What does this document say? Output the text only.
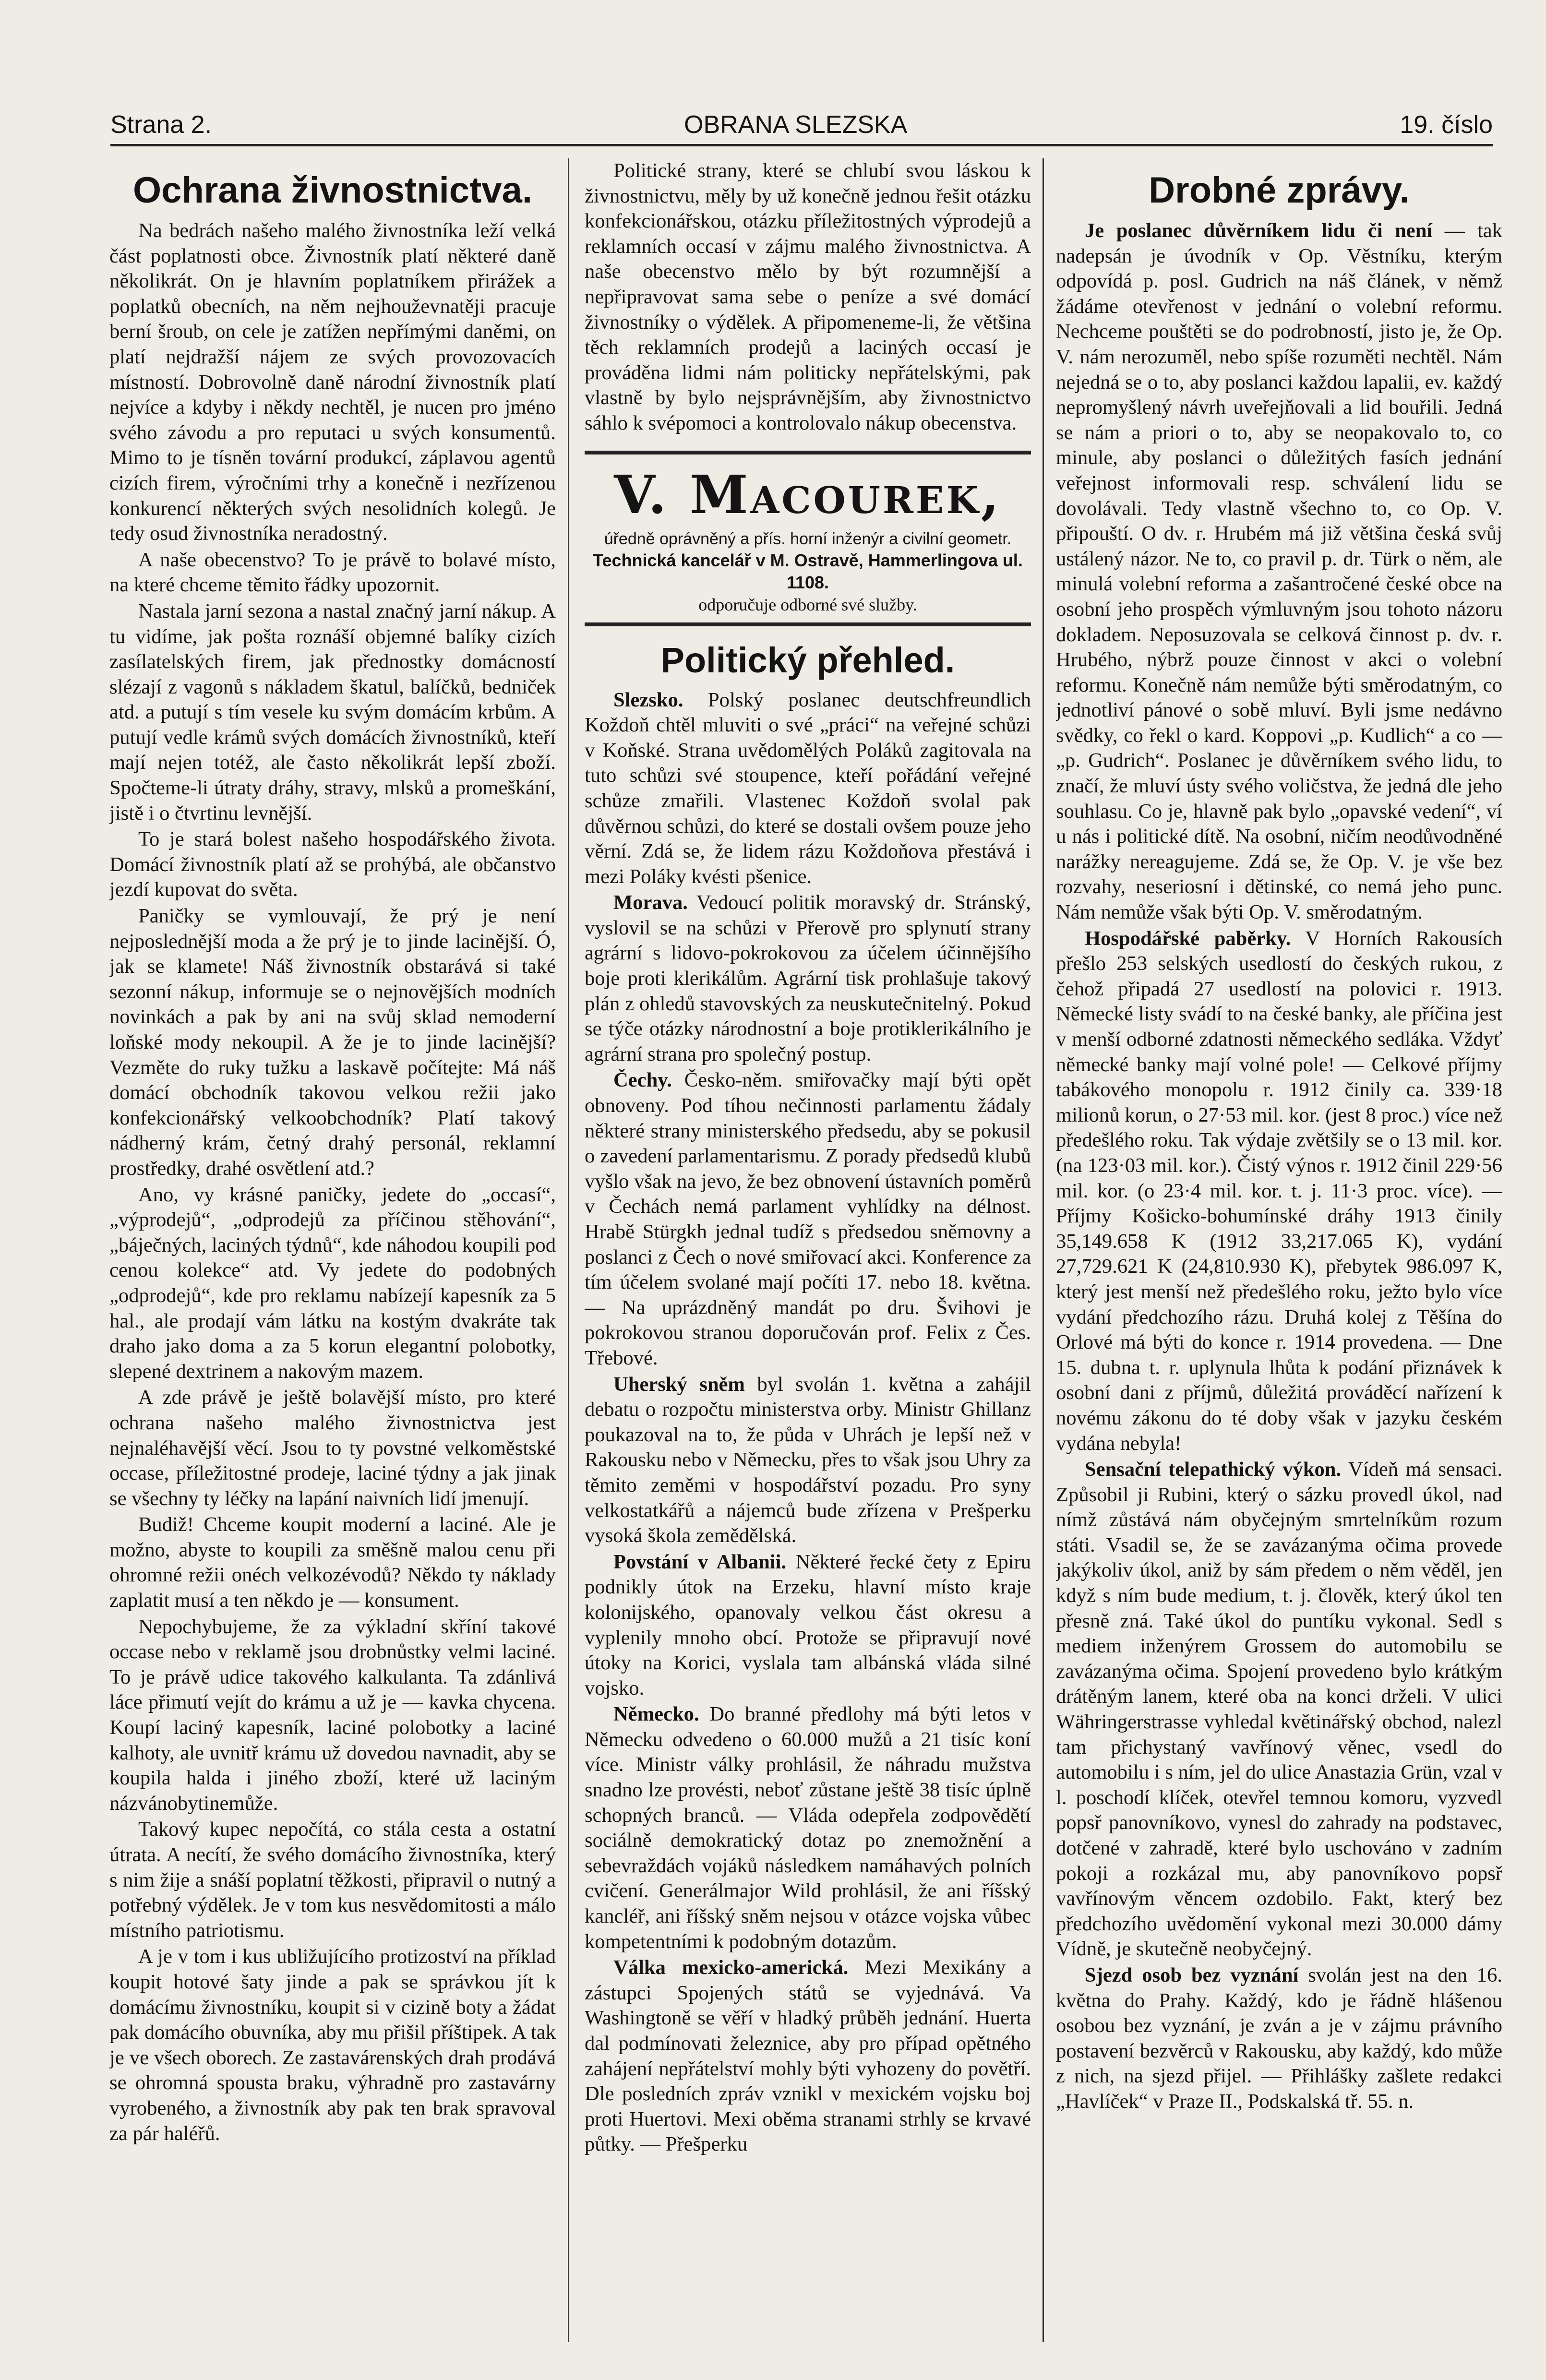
Strana 2.	OBRANA SLEZSKA	19. číslo
Ochrana živnostnictva.

Na bedrách našeho malého živnostníka leží velká část poplatnosti obce. Živnostník platí některé daně několikrát. On je hlavním poplatníkem přirážek a poplatků obecních, na něm nejhouževnatěji pracuje berní šroub, on cele je zatížen nepřímými daněmi, on platí nejdražší nájem ze svých provozovacích místností. Dobrovolně daně národní živnostník platí nejvíce a kdyby i někdy nechtěl, je nucen pro jméno svého závodu a pro reputaci u svých konsumentů. Mimo to je tísněn tovární produkcí, záplavou agentů cizích firem, výročními trhy a konečně i nezřízenou konkurencí některých svých nesolidních kolegů. Je tedy osud živnostníka neradostný.

A naše obecenstvo? To je právě to bolavé místo, na které chceme těmito řádky upozornit.

Nastala jarní sezona a nastal značný jarní nákup. A tu vidíme, jak pošta roznáší objemné balíky cizích zasílatelských firem, jak přednostky domácností slézají z vagonů s nákladem škatul, balíčků, bedniček atd. a putují s tím vesele ku svým domácím krbům. A putují vedle krámů svých domácích živnostníků, kteří mají nejen totéž, ale často několikrát lepší zboží. Spočteme-li útraty dráhy, stravy, mlsků a promeškání, jistě i o čtvrtinu levnější.

To je stará bolest našeho hospodářského života. Domácí živnostník platí až se prohýbá, ale občanstvo jezdí kupovat do světa.

Paničky se vymlouvají, že prý je není nejposlednější moda a že prý je to jinde lacinější. Ó, jak se klamete! Náš živnostník obstarává si také sezonní nákup, informuje se o nejnovějších modních novinkách a pak by ani na svůj sklad nemoderní loňské mody nekoupil. A že je to jinde lacinější? Vezměte do ruky tužku a laskavě počítejte: Má náš domácí obchodník takovou velkou režii jako konfekcionářský velkoobchodník? Platí takový nádherný krám, četný drahý personál, reklamní prostředky, drahé osvětlení atd.?

Ano, vy krásné paničky, jedete do „occasí“, „výprodejů“, „odprodejů za příčinou stěhování“, „báječných, laciných týdnů“, kde náhodou koupili pod cenou kolekce“ atd. Vy jedete do podobných „odprodejů“, kde pro reklamu nabízejí kapesník za 5 hal., ale prodají vám látku na kostým dvakráte tak draho jako doma a za 5 korun elegantní polobotky, slepené dextrinem a nakovým mazem.

A zde právě je ještě bolavější místo, pro které ochrana našeho malého živnostnictva jest nejnaléhavější věcí. Jsou to ty povstné velkoměstské occase, příležitostné prodeje, laciné týdny a jak jinak se všechny ty léčky na lapání naivních lidí jmenují.

Budiž! Chceme koupit moderní a laciné. Ale je možno, abyste to koupili za směšně malou cenu při ohromné režii onéch velkozévodů? Někdo ty náklady zaplatit musí a ten někdo je — konsument.

Nepochybujeme, že za výkladní skříní takové occase nebo v reklamě jsou drobnůstky velmi laciné. To je právě udice takového kalkulanta. Ta zdánlivá láce přimutí vejít do krámu a už je — kavka chycena. Koupí laciný kapesník, laciné polobotky a laciné kalhoty, ale uvnitř krámu už dovedou navnadit, aby se koupila halda i jiného zboží, které už laciným názvánobytinemůže.

Takový kupec nepočítá, co stála cesta a ostatní útrata. A necítí, že svého domácího živnostníka, který s nim žije a snáší poplatní těžkosti, připravil o nutný a potřebný výdělek. Je v tom kus nesvědomitosti a málo místního patriotismu.

A je v tom i kus ubližujícího protizoství na příklad koupit hotové šaty jinde a pak se správkou jít k domácímu živnostníku, koupit si v cizině boty a žádat pak domácího obuvníka, aby mu přišil příštipek. A tak je ve všech oborech. Ze zastavárenských drah prodává se ohromná spousta braku, výhradně pro zastavárny vyrobeného, a živnostník aby pak ten brak spravoval za pár haléřů.

Politické strany, které se chlubí svou láskou k živnostnictvu, měly by už konečně jednou řešit otázku konfekcionářskou, otázku příležitostných výprodejů a reklamních occasí v zájmu malého živnostnictva. A naše obecenstvo mělo by být rozumnější a nepřipravovat sama sebe o peníze a své domácí živnostníky o výdělek. A připomeneme-li, že většina těch reklamních prodejů a laciných occasí je prováděna lidmi nám politicky nepřátelskými, pak vlastně by bylo nejsprávnějším, aby živnostnictvo sáhlo k svépomoci a kontrolovalo nákup obecenstva.

V. Macourek,
úředně oprávněný a přís. horní inženýr a civilní geometr.
Technická kancelář v M. Ostravě, Hammerlingova ul. 1108.
odporučuje odborné své služby.
Politický přehled.

Slezsko. Polský poslanec deutschfreundlich Koždoň chtěl mluviti o své „práci“ na veřejné schůzi v Koňské. Strana uvědomělých Poláků zagitovala na tuto schůzi své stoupence, kteří pořádání veřejné schůze zmařili. Vlastenec Koždoň svolal pak důvěrnou schůzi, do které se dostali ovšem pouze jeho věrní. Zdá se, že lidem rázu Koždoňova přestává i mezi Poláky kvésti pšenice.

Morava. Vedoucí politik moravský dr. Stránský, vyslovil se na schůzi v Přerově pro splynutí strany agrární s lidovo-pokrokovou za účelem účinnějšího boje proti klerikálům. Agrární tisk prohlašuje takový plán z ohledů stavovských za neuskutečnitelný. Pokud se týče otázky národnostní a boje protiklerikálního je agrární strana pro společný postup.

Čechy. Česko-něm. smiřovačky mají býti opět obnoveny. Pod tíhou nečinnosti parlamentu žádaly některé strany ministerského předsedu, aby se pokusil o zavedení parlamentarismu. Z porady předsedů klubů vyšlo však na jevo, že bez obnovení ústavních poměrů v Čechách nemá parlament vyhlídky na délnost. Hrabě Stürgkh jednal tudíž s předsedou sněmovny a poslanci z Čech o nové smiřovací akci. Konference za tím účelem svolané mají počíti 17. nebo 18. května. — Na uprázdněný mandát po dru. Švihovi je pokrokovou stranou doporučován prof. Felix z Čes. Třebové.

Uherský sněm byl svolán 1. května a zahájil debatu o rozpočtu ministerstva orby. Ministr Ghillanz poukazoval na to, že půda v Uhrách je lepší než v Rakousku nebo v Německu, přes to však jsou Uhry za těmito zeměmi v hospodářství pozadu. Pro syny velkostatkářů a nájemců bude zřízena v Prešperku vysoká škola zemědělská.

Povstání v Albanii. Některé řecké čety z Epiru podnikly útok na Erzeku, hlavní místo kraje kolonijského, opanovaly velkou část okresu a vyplenily mnoho obcí. Protože se připravují nové útoky na Korici, vyslala tam albánská vláda silné vojsko.

Německo. Do branné předlohy má býti letos v Německu odvedeno o 60.000 mužů a 21 tisíc koní více. Ministr války prohlásil, že náhradu mužstva snadno lze provésti, neboť zůstane ještě 38 tisíc úplně schopných branců. — Vláda odepřela zodpovědětí sociálně demokratický dotaz po znemožnění a sebevraždách vojáků následkem namáhavých polních cvičení. Generálmajor Wild prohlásil, že ani říšský kancléř, ani říšský sněm nejsou v otázce vojska vůbec kompetentními k podobným dotazům.

Válka mexicko-americká. Mezi Mexikány a zástupci Spojených států se vyjednává. Va Washingtoně se věří v hladký průběh jednání. Huerta dal podmínovati železnice, aby pro případ opětného zahájení nepřátelství mohly býti vyhozeny do povětří. Dle posledních zpráv vznikl v mexickém vojsku boj proti Huertovi. Mexi oběma stranami strhly se krvavé půtky. — Přešperku

Drobné zprávy.

Je poslanec důvěrníkem lidu či není — tak nadepsán je úvodník v Op. Věstníku, kterým odpovídá p. posl. Gudrich na náš článek, v němž žádáme otevřenost v jednání o volební reformu. Nechceme pouštěti se do podrobností, jisto je, že Op. V. nám nerozuměl, nebo spíše rozuměti nechtěl. Nám nejedná se o to, aby poslanci každou lapalii, ev. každý nepromyšlený návrh uveřejňovali a lid bouřili. Jedná se nám a priori o to, aby se neopakovalo to, co minule, aby poslanci o důležitých fasích jednání veřejnost informovali resp. schválení lidu se dovolávali. Tedy vlastně všechno to, co Op. V. připouští. O dv. r. Hrubém má již většina česká svůj ustálený názor. Ne to, co pravil p. dr. Türk o něm, ale minulá volební reforma a zašantročené české obce na osobní jeho prospěch výmluvným jsou tohoto názoru dokladem. Neposuzovala se celková činnost p. dv. r. Hrubého, nýbrž pouze činnost v akci o volební reformu. Konečně nám nemůže býti směrodatným, co jednotliví pánové o sobě mluví. Byli jsme nedávno svědky, co řekl o kard. Koppovi „p. Kudlich“ a co — „p. Gudrich“. Poslanec je důvěrníkem svého lidu, to značí, že mluví ústy svého voličstva, že jedná dle jeho souhlasu. Co je, hlavně pak bylo „opavské vedení“, ví u nás i politické dítě. Na osobní, ničím neodůvodněné narážky nereagujeme. Zdá se, že Op. V. je vše bez rozvahy, neseriosní i dětinské, co nemá jeho punc. Nám nemůže však býti Op. V. směrodatným.

Hospodářské paběrky. V Horních Rakousích přešlo 253 selských usedlostí do českých rukou, z čehož připadá 27 usedlostí na polovici r. 1913. Německé listy svádí to na české banky, ale příčina jest v menší odborné zdatnosti německého sedláka. Vždyť německé banky mají volné pole! — Celkové příjmy tabákového monopolu r. 1912 činily ca. 339·18 milionů korun, o 27·53 mil. kor. (jest 8 proc.) více než předešlého roku. Tak výdaje zvětšily se o 13 mil. kor. (na 123·03 mil. kor.). Čistý výnos r. 1912 činil 229·56 mil. kor. (o 23·4 mil. kor. t. j. 11·3 proc. více). — Příjmy Košicko-bohumínské dráhy 1913 činily 35,149.658 K (1912 33,217.065 K), vydání 27,729.621 K (24,810.930 K), přebytek 986.097 K, který jest menší než předešlého roku, ježto bylo více vydání předchozího rázu. Druhá kolej z Těšína do Orlové má býti do konce r. 1914 provedena. — Dne 15. dubna t. r. uplynula lhůta k podání přiznávek k osobní dani z příjmů, důležitá prováděcí nařízení k novému zákonu do té doby však v jazyku českém vydána nebyla!

Sensační telepathický výkon. Vídeň má sensaci. Způsobil ji Rubini, který o sázku provedl úkol, nad nímž zůstává nám obyčejným smrtelníkům rozum státi. Vsadil se, že se zavázanýma očima provede jakýkoliv úkol, aniž by sám předem o něm věděl, jen když s ním bude medium, t. j. člověk, který úkol ten přesně zná. Také úkol do puntíku vykonal. Sedl s mediem inženýrem Grossem do automobilu se zavázanýma očima. Spojení provedeno bylo krátkým drátěným lanem, které oba na konci drželi. V ulici Währingerstrasse vyhledal květinářský obchod, nalezl tam přichystaný vavřínový věnec, vsedl do automobilu i s ním, jel do ulice Anastazia Grün, vzal v l. poschodí klíček, otevřel temnou komoru, vyzvedl popsř panovníkovo, vynesl do zahrady na podstavec, dotčené v zahradě, které bylo uschováno v zadním pokoji a rozkázal mu, aby panovníkovo popsř vavřínovým věncem ozdobilo. Fakt, který bez předchozího uvědomění vykonal mezi 30.000 dámy Vídně, je skutečně neobyčejný.

Sjezd osob bez vyznání svolán jest na den 16. května do Prahy. Každý, kdo je řádně hlášenou osobou bez vyznání, je zván a je v zájmu právního postavení bezvěrců v Rakousku, aby každý, kdo může z nich, na sjezd přijel. — Přihlášky zašlete redakci „Havlíček“ v Praze II., Podskalská tř. 55. n.
